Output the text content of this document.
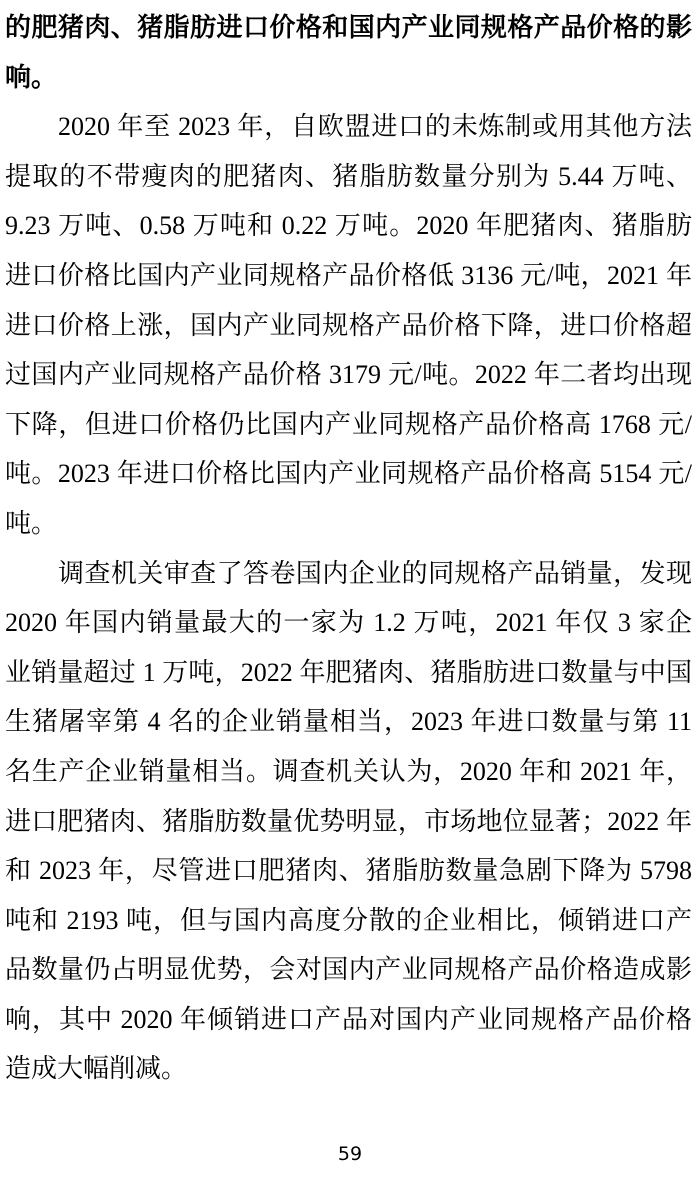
的肥猪肉、猪脂肪进口价格和国内产业同规格产品价格的影
响。
2020 年至 2023 年，自欧盟进口的未炼制或用其他方法
提取的不带瘦肉的肥猪肉、猪脂肪数量分别为 5.44 万吨、
9.23 万吨、0.58 万吨和 0.22 万吨。2020 年肥猪肉、猪脂肪
进口价格比国内产业同规格产品价格低 3136 元/吨，2021 年
进口价格上涨，国内产业同规格产品价格下降，进口价格超
过国内产业同规格产品价格 3179 元/吨。2022 年二者均出现
下降，但进口价格仍比国内产业同规格产品价格高 1768 元/
吨。2023 年进口价格比国内产业同规格产品价格高 5154 元/
吨。
调查机关审查了答卷国内企业的同规格产品销量，发现
2020 年国内销量最大的一家为 1.2 万吨，2021 年仅 3 家企
业销量超过 1 万吨，2022 年肥猪肉、猪脂肪进口数量与中国
生猪屠宰第 4 名的企业销量相当，2023 年进口数量与第 11
名生产企业销量相当。调查机关认为，2020 年和 2021 年，
进口肥猪肉、猪脂肪数量优势明显，市场地位显著；2022 年
和 2023 年，尽管进口肥猪肉、猪脂肪数量急剧下降为 5798
吨和 2193 吨，但与国内高度分散的企业相比，倾销进口产
品数量仍占明显优势，会对国内产业同规格产品价格造成影
响，其中 2020 年倾销进口产品对国内产业同规格产品价格
造成大幅削减。
59
